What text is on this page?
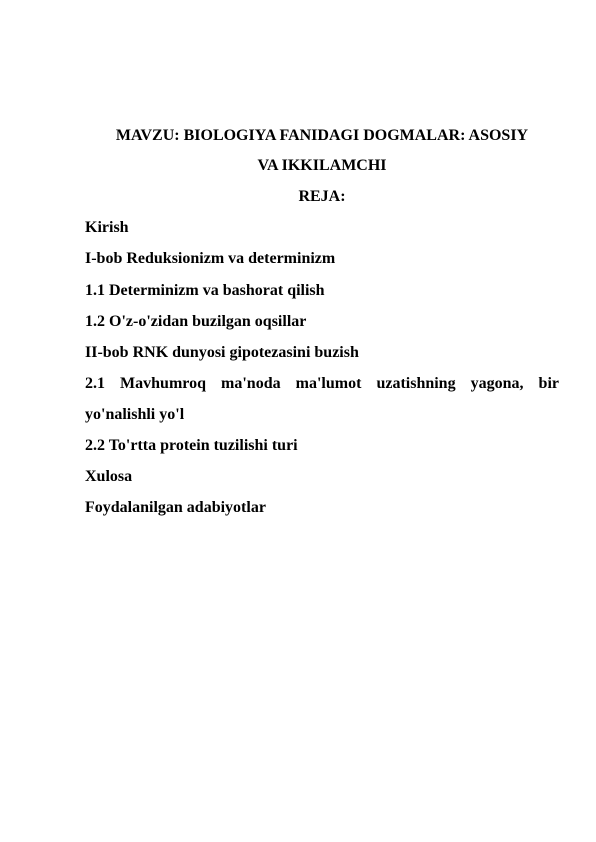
MAVZU: BIOLOGIYA FANIDAGI DOGMALAR: ASOSIY
VA IKKILAMCHI
REJA:
Kirish
I-bob Reduksionizm va determinizm
1.1 Determinizm va bashorat qilish
1.2 O'z-o'zidan buzilgan oqsillar
II-bob RNK dunyosi gipotezasini buzish
2.1 Mavhumroq ma'noda ma'lumot uzatishning yagona, bir
yo'nalishli yo'l
2.2 To'rtta protein tuzilishi turi
Xulosa
Foydalanilgan adabiyotlar
